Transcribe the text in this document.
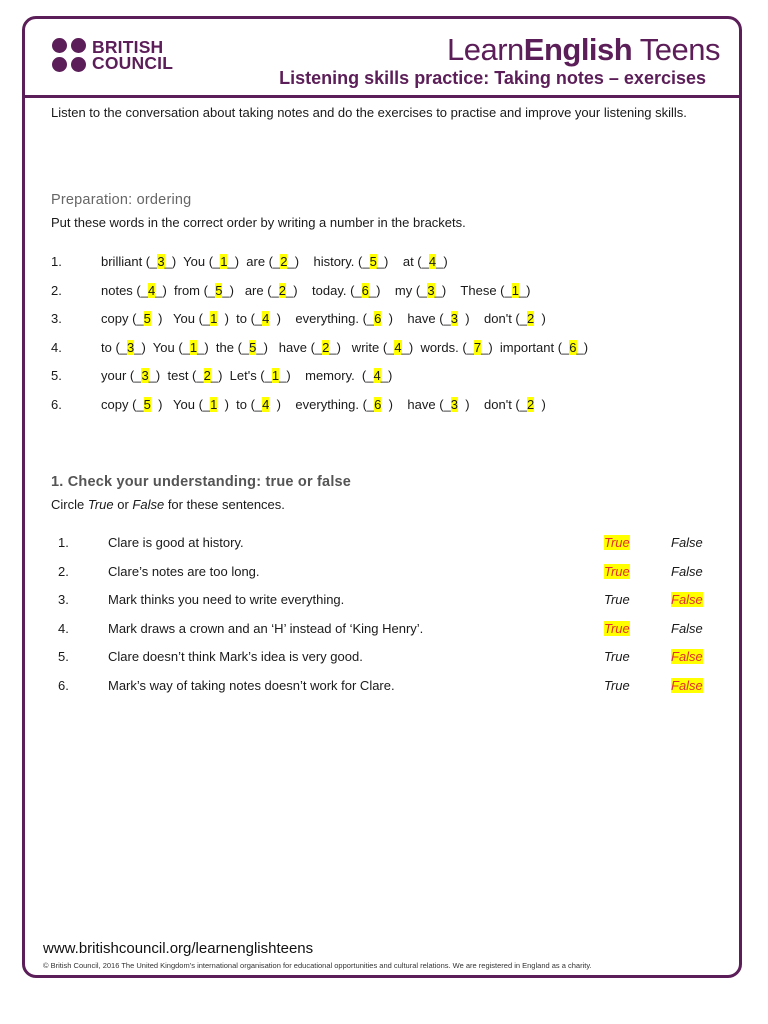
BRITISH
COUNCIL	LearnEnglish Teens
Listening skills practice: Taking notes – exercises
Listen to the conversation about taking notes and do the exercises to practise and improve your listening skills.
Preparation: ordering
Put these words in the correct order by writing a number in the brackets.
1.	brilliant (_3_)  You (_1_)  are (_2_)    history. (_5_)    at (_4_)
2.	notes (_4_)  from (_5_)   are (_2_)    today. (_6_)    my (_3_)    These (_1_)
3.	copy (_5  )   You (_1  )  to (_4  )    everything. (_6  )    have (_3  )    don't (_2  )
4.	to (_3_)  You (_1_)  the (_5_)   have (_2_)   write (_4_)  words. (_7_)  important (_6_)
5.	your (_3_)  test (_2_)  Let's (_1_)    memory.  (_4_)
6.	copy (_5  )   You (_1  )  to (_4  )    everything. (_6  )    have (_3  )    don't (_2  )
1. Check your understanding: true or false
Circle True or False for these sentences.
1.	Clare is good at history.	True	False
2.	Clare’s notes are too long.	True	False
3.	Mark thinks you need to write everything.	True	False
4.	Mark draws a crown and an ‘H’ instead of ‘King Henry’.	True	False
5.	Clare doesn’t think Mark’s idea is very good.	True	False
6.	Mark’s way of taking notes doesn’t work for Clare.	True	False
www.britishcouncil.org/learnenglishteens
© British Council, 2016 The United Kingdom’s international organisation for educational opportunities and cultural relations. We are registered in England as a charity.
